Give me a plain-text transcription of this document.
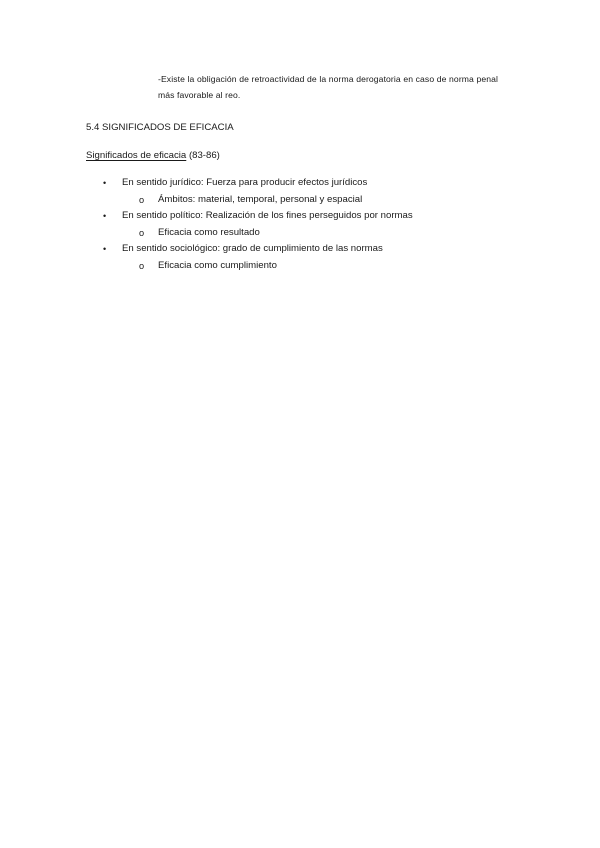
-Existe la obligación de retroactividad de la norma derogatoria en caso de norma penal más favorable al reo.
5.4 SIGNIFICADOS DE EFICACIA
Significados de eficacia (83-86)
• En sentido jurídico: Fuerza para producir efectos jurídicos
o Ámbitos: material, temporal, personal y espacial
• En sentido político: Realización de los fines perseguidos por normas
o Eficacia como resultado
• En sentido sociológico: grado de cumplimiento de las normas
o Eficacia como cumplimiento
